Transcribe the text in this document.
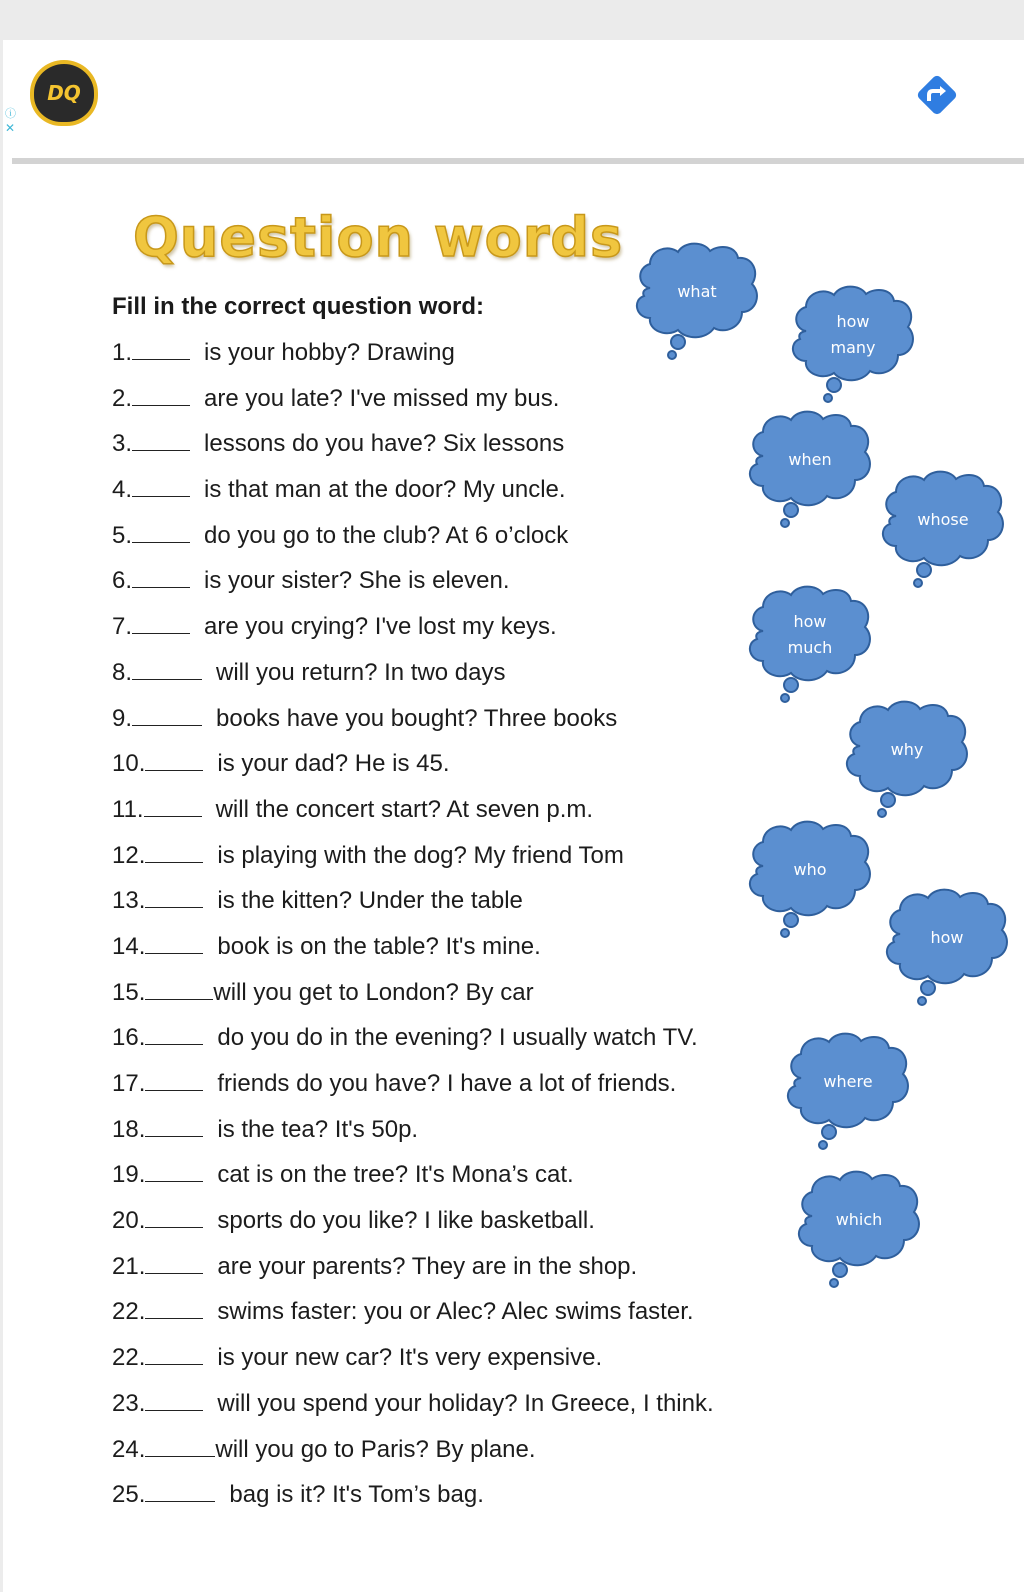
DQ
ⓘ
✕
Question words

Fill in the correct question word:

1.	is your hobby? Drawing
2.	are you late? I've missed my bus.
3.	lessons do you have? Six lessons
4.	is that man at the door? My uncle.
5.	do you go to the club? At 6 o’clock
6.	is your sister? She is eleven.
7.	are you crying? I've lost my keys.
8.	will you return? In two days
9.	books have you bought? Three books
10.	is your dad? He is 45.
11.	will the concert start? At seven p.m.
12.	is playing with the dog? My friend Tom
13.	is the kitten? Under the table
14.	book is on the table? It's mine.
15.	will you get to London? By car
16.	do you do in the evening? I usually watch TV.
17.	friends do you have? I have a lot of friends.
18.	is the tea? It's 50p.
19.	cat is on the tree? It's Mona’s cat.
20.	sports do you like? I like basketball.
21.	are your parents? They are in the shop.
22.	swims faster: you or Alec? Alec swims faster.
22.	is your new car? It's very expensive.
23.	will you spend your holiday? In Greece, I think.
24.	will you go to Paris? By plane.
25.	bag is it? It's Tom’s bag.
what
how
many
when
whose
how
much
why
who
how
where
which
